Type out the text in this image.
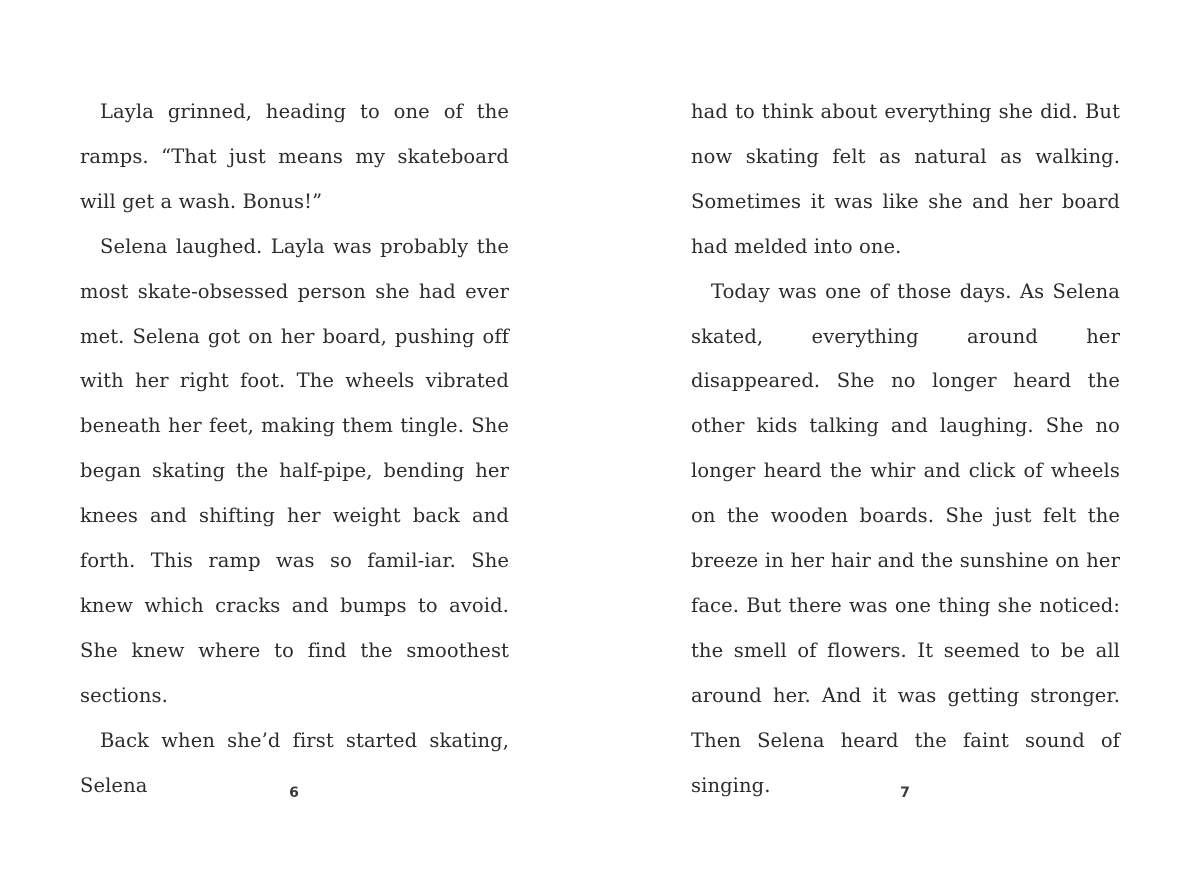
Layla grinned, heading to one of the ramps. “That just means my skateboard will get a wash. Bonus!”

Selena laughed. Layla was probably the most skate-obsessed person she had ever met. Selena got on her board, pushing off with her right foot. The wheels vibrated beneath her feet, making them tingle. She began skating the half-pipe, bending her knees and shifting her weight back and forth. This ramp was so famil-iar. She knew which cracks and bumps to avoid. She knew where to find the smoothest sections.

Back when she’d first started skating, Selena	6

had to think about everything she did. But now skating felt as natural as walking. Sometimes it was like she and her board had melded into one.

Today was one of those days. As Selena skated, everything around her disappeared. She no longer heard the other kids talking and laughing. She no longer heard the whir and click of wheels on the wooden boards. She just felt the breeze in her hair and the sunshine on her face. But there was one thing she noticed: the smell of flowers. It seemed to be all around her. And it was getting stronger. Then Selena heard the faint sound of singing.	7
